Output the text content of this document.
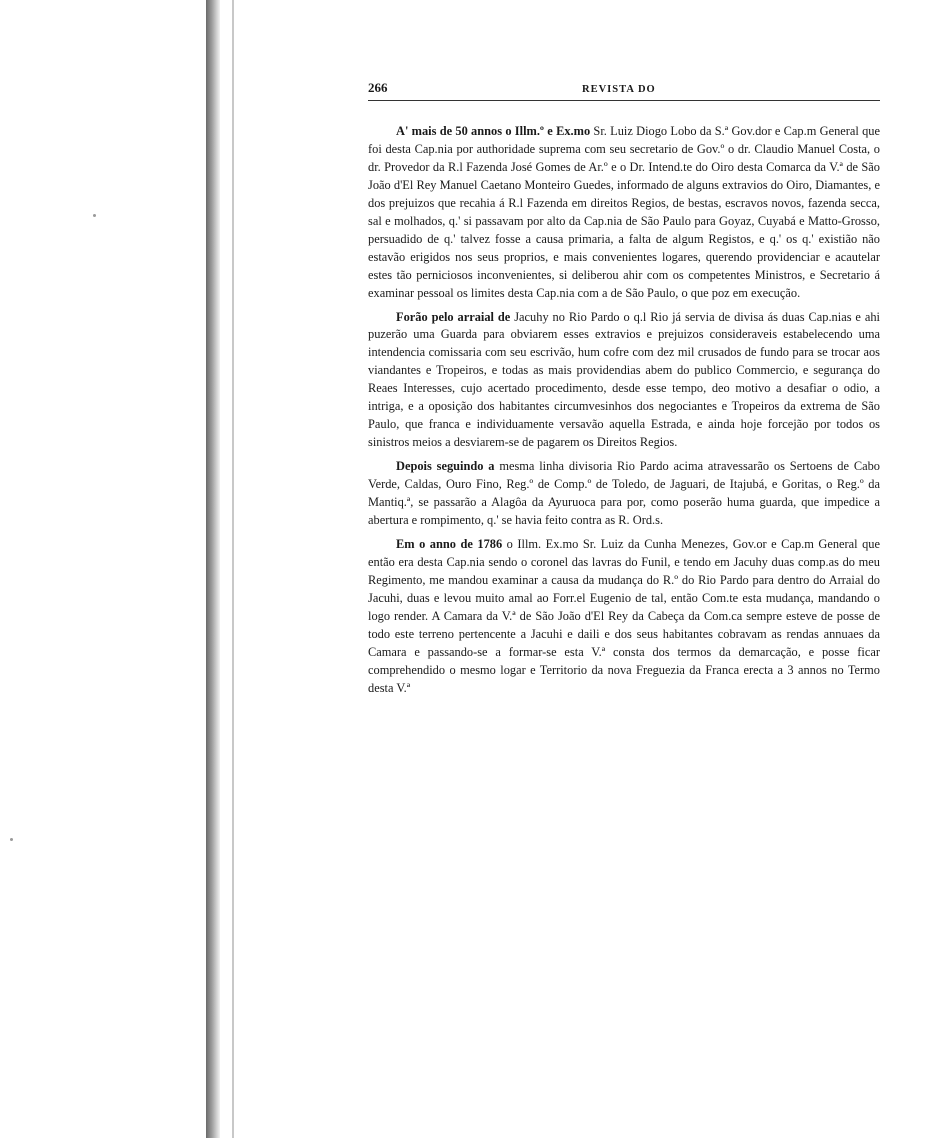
266	REVISTA DO

A' mais de 50 annos o Illm.º e Ex.mo Sr. Luiz Diogo Lobo da S.ª Gov.dor e Cap.m General que foi desta Cap.nia por authoridade suprema com seu secretario de Gov.º o dr. Claudio Manuel Costa, o dr. Provedor da R.l Fazenda José Gomes de Ar.º e o Dr. Intend.te do Oiro desta Comarca da V.ª de São João d'El Rey Manuel Caetano Monteiro Guedes, informado de alguns extravios do Oiro, Diamantes, e dos prejuizos que recahia á R.l Fazenda em direitos Regios, de bestas, escravos novos, fazenda secca, sal e molhados, q.' si passavam por alto da Cap.nia de São Paulo para Goyaz, Cuyabá e Matto-Grosso, persuadido de q.' talvez fosse a causa primaria, a falta de algum Registos, e q.' os q.' existião não estavão erigidos nos seus proprios, e mais convenientes logares, querendo providenciar e acautelar estes tão perniciosos inconvenientes, si deliberou ahir com os competentes Ministros, e Secretario á examinar pessoal os limites desta Cap.nia com a de São Paulo, o que poz em execução.

Forão pelo arraial de Jacuhy no Rio Pardo o q.l Rio já servia de divisa ás duas Cap.nias e ahi puzerão uma Guarda para obviarem esses extravios e prejuizos consideraveis estabelecendo uma intendencia comissaria com seu escrivão, hum cofre com dez mil crusados de fundo para se trocar aos viandantes e Tropeiros, e todas as mais providendias abem do publico Commercio, e segurança do Reaes Interesses, cujo acertado procedimento, desde esse tempo, deo motivo a desafiar o odio, a intriga, e a oposição dos habitantes circumvesinhos dos negociantes e Tropeiros da extrema de São Paulo, que franca e individuamente versavão aquella Estrada, e ainda hoje forcejão por todos os sinistros meios a desviarem-se de pagarem os Direitos Regios.

Depois seguindo a mesma linha divisoria Rio Pardo acima atravessarão os Sertoens de Cabo Verde, Caldas, Ouro Fino, Reg.º de Comp.º de Toledo, de Jaguari, de Itajubá, e Goritas, o Reg.º da Mantiq.ª, se passarão a Alagôa da Ayuruoca para por, como poserão huma guarda, que impedice a abertura e rompimento, q.' se havia feito contra as R. Ord.s.

Em o anno de 1786 o Illm. Ex.mo Sr. Luiz da Cunha Menezes, Gov.or e Cap.m General que então era desta Cap.nia sendo o coronel das lavras do Funil, e tendo em Jacuhy duas comp.as do meu Regimento, me mandou examinar a causa da mudança do R.º do Rio Pardo para dentro do Arraial do Jacuhi, duas e levou muito amal ao Forr.el Eugenio de tal, então Com.te esta mudança, mandando o logo render. A Camara da V.ª de São João d'El Rey da Cabeça da Com.ca sempre esteve de posse de todo este terreno pertencente a Jacuhi e daili e dos seus habitantes cobravam as rendas annuaes da Camara e passando-se a formar-se esta V.ª consta dos termos da demarcação, e posse ficar comprehendido o mesmo logar e Territorio da nova Freguezia da Franca erecta a 3 annos no Termo desta V.ª
